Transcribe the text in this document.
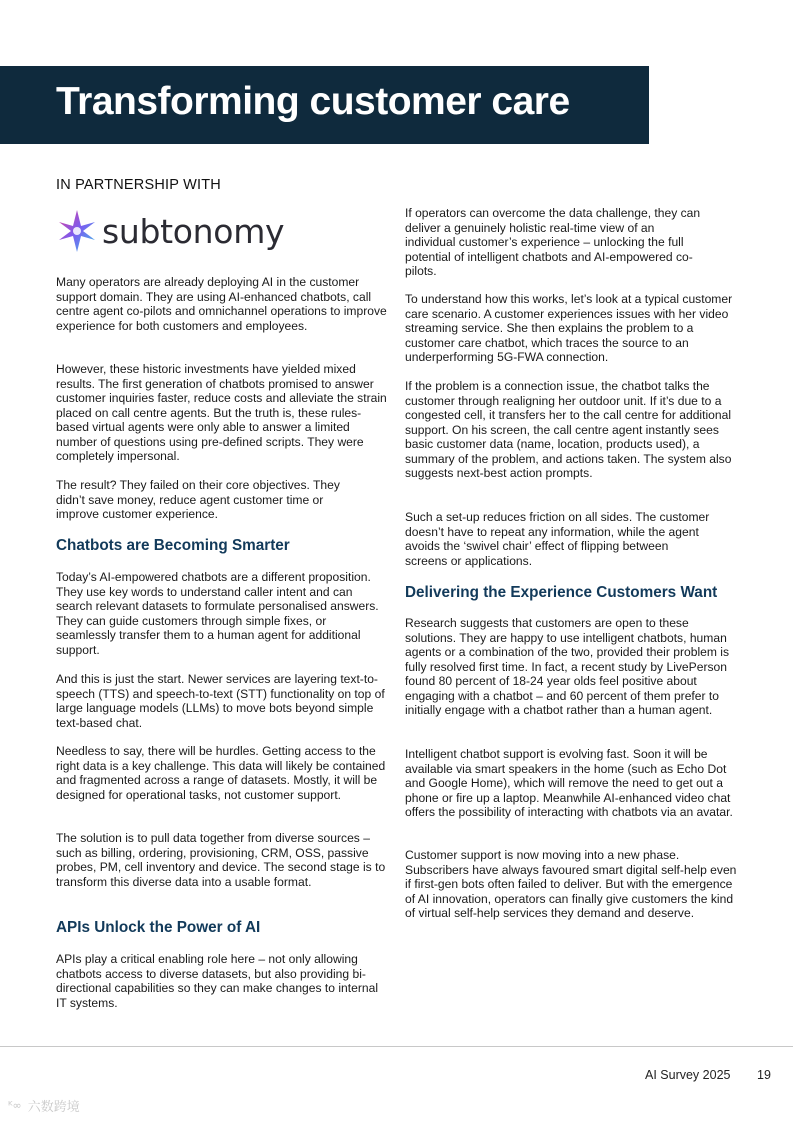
Transforming customer care
IN PARTNERSHIP WITH
subtonomy

Many operators are already deploying AI in the customer support domain. They are using AI-enhanced chatbots, call centre agent co-pilots and omnichannel operations to improve experience for both customers and employees.

However, these historic investments have yielded mixed results. The first generation of chatbots promised to answer customer inquiries faster, reduce costs and alleviate the strain placed on call centre agents. But the truth is, these rules-based virtual agents were only able to answer a limited number of questions using pre-defined scripts. They were completely impersonal.

The result? They failed on their core objectives. They didn’t save money, reduce agent customer time or improve customer experience.

Chatbots are Becoming Smarter

Today’s AI-empowered chatbots are a different proposition. They use key words to understand caller intent and can search relevant datasets to formulate personalised answers. They can guide customers through simple fixes, or seamlessly transfer them to a human agent for additional support.

And this is just the start. Newer services are layering text-to-speech (TTS) and speech-to-text (STT) functionality on top of large language models (LLMs) to move bots beyond simple text-based chat.

Needless to say, there will be hurdles. Getting access to the right data is a key challenge. This data will likely be contained and fragmented across a range of datasets. Mostly, it will be designed for operational tasks, not customer support.

The solution is to pull data together from diverse sources – such as billing, ordering, provisioning, CRM, OSS, passive probes, PM, cell inventory and device. The second stage is to transform this diverse data into a usable format.

APIs Unlock the Power of AI

APIs play a critical enabling role here – not only allowing chatbots access to diverse datasets, but also providing bi-directional capabilities so they can make changes to internal IT systems.

If operators can overcome the data challenge, they can deliver a genuinely holistic real-time view of an individual customer’s experience – unlocking the full potential of intelligent chatbots and AI-empowered co-pilots.

To understand how this works, let’s look at a typical customer care scenario. A customer experiences issues with her video streaming service. She then explains the problem to a customer care chatbot, which traces the source to an underperforming 5G-FWA connection.

If the problem is a connection issue, the chatbot talks the customer through realigning her outdoor unit. If it’s due to a congested cell, it transfers her to the call centre for additional support. On his screen, the call centre agent instantly sees basic customer data (name, location, products used), a summary of the problem, and actions taken. The system also suggests next-best action prompts.

Such a set-up reduces friction on all sides. The customer doesn’t have to repeat any information, while the agent avoids the ‘swivel chair’ effect of flipping between screens or applications.

Delivering the Experience Customers Want

Research suggests that customers are open to these solutions. They are happy to use intelligent chatbots, human agents or a combination of the two, provided their problem is fully resolved first time. In fact, a recent study by LivePerson found 80 percent of 18-24 year olds feel positive about engaging with a chatbot – and 60 percent of them prefer to initially engage with a chatbot rather than a human agent.

Intelligent chatbot support is evolving fast. Soon it will be available via smart speakers in the home (such as Echo Dot and Google Home), which will remove the need to get out a phone or fire up a laptop. Meanwhile AI-enhanced video chat offers the possibility of interacting with chatbots via an avatar.

Customer support is now moving into a new phase. Subscribers have always favoured smart digital self-help even if first-gen bots often failed to deliver. But with the emergence of AI innovation, operators can finally give customers the kind of virtual self-help services they demand and deserve.

AI Survey 2025 19
ᴷ∞ 六数跨境
